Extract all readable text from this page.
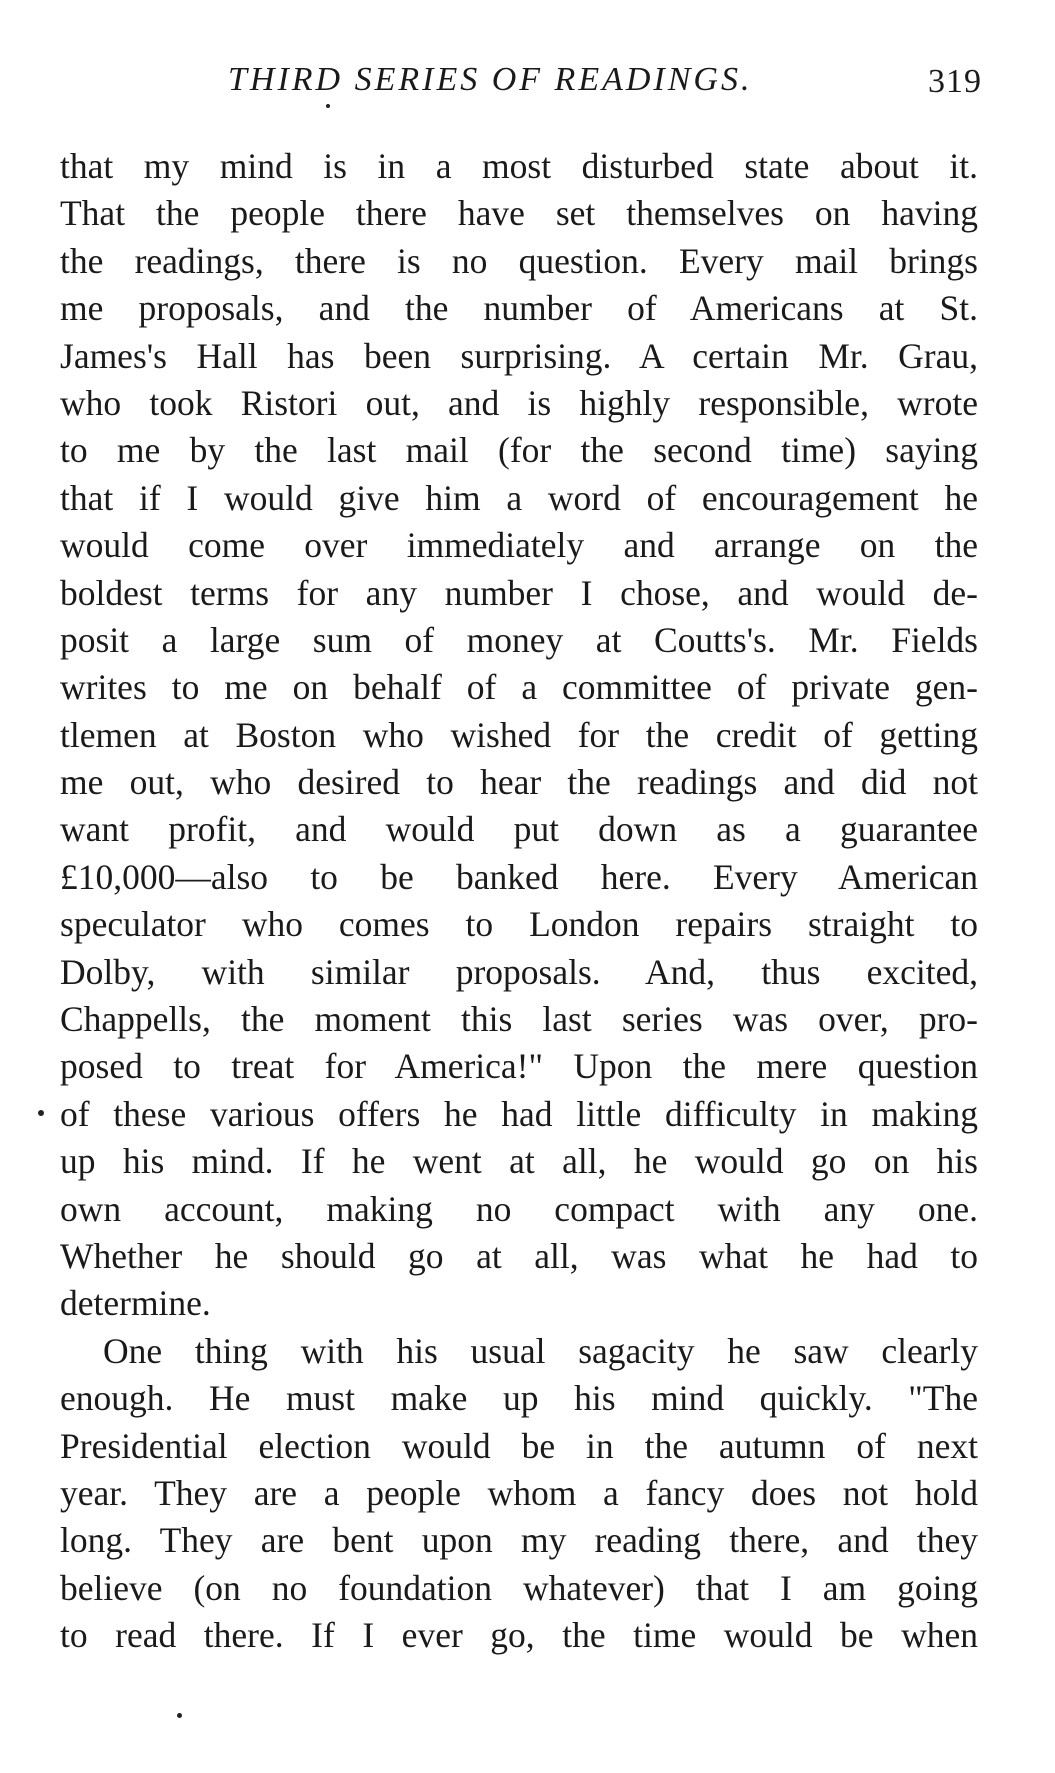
THIRD SERIES OF READINGS.	319
that my mind is in a most disturbed state about it.
That the people there have set themselves on having
the readings, there is no question. Every mail brings
me proposals, and the number of Americans at St.
James's Hall has been surprising. A certain Mr. Grau,
who took Ristori out, and is highly responsible, wrote
to me by the last mail (for the second time) saying
that if I would give him a word of encouragement he
would come over immediately and arrange on the
boldest terms for any number I chose, and would de-
posit a large sum of money at Coutts's. Mr. Fields
writes to me on behalf of a committee of private gen-
tlemen at Boston who wished for the credit of getting
me out, who desired to hear the readings and did not
want profit, and would put down as a guarantee
£10,000—also to be banked here. Every American
speculator who comes to London repairs straight to
Dolby, with similar proposals. And, thus excited,
Chappells, the moment this last series was over, pro-
posed to treat for America!" Upon the mere question
of these various offers he had little difficulty in making
up his mind. If he went at all, he would go on his
own account, making no compact with any one.
Whether he should go at all, was what he had to
determine.
One thing with his usual sagacity he saw clearly
enough. He must make up his mind quickly. "The
Presidential election would be in the autumn of next
year. They are a people whom a fancy does not hold
long. They are bent upon my reading there, and they
believe (on no foundation whatever) that I am going
to read there. If I ever go, the time would be when
